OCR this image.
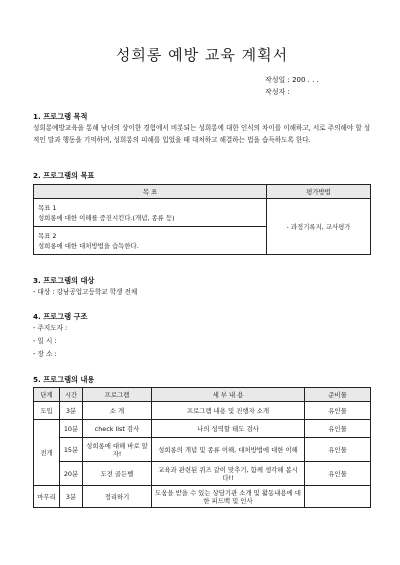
성희롱 예방 교육 계획서
작성일 : 200 . . .
작성자 :
1. 프로그램 목적
성희롱예방교육을 통해 남녀의 상이한 경험에서 비롯되는 성희롱에 대한 인식의 차이를 이해하고, 서로 주의해야 할 성적인 말과 행동을 기억하며, 성희롱의 피해를 입었을 때 대처하고 해결하는 법을 습득하도록 한다.
2. 프로그램의 목표
목 표	평가방법

목표 1
성희롱에 대한 이해를 증진시킨다.(개념, 종류 등)	- 과정기록지, 교사평가

목표 2
성희롱에 대한 대처방법을 습득한다.	
3. 프로그램의 대상
- 대상 : 강남공업고등학교 학생 전체
4. 프로그램 구조
- 주지도자 :
- 일 시 :
- 장 소 :
5. 프로그램의 내용
단계	시간	프로그램	세 부 내 용	준비물
도입	3분	소 개	프로그램 내용 및 진행자 소개	유인물
전개	10분	check list 검사	나의 성역할 태도 검사	유인물
	15분	성희롱에 대해 바로 알자!	성희롱의 개념 및 종류 이해, 대처방법에 대한 이해	유인물
	20분	도전 골든벨	교육과 관련된 퀴즈 같이 맞추기, 함께 생각해 봅시다!!	유인물
마무리	3분	정리하기	도움을 받을 수 있는 상담기관 소개 및 활동내용에 대한 피드백 및 인사	
